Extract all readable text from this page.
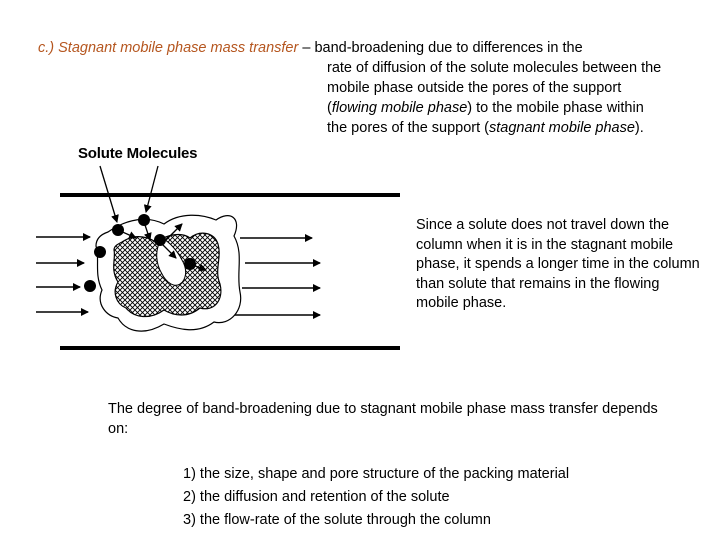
c.) Stagnant mobile phase mass transfer – band-broadening due to differences in the
rate of diffusion of the solute molecules between the
mobile phase outside the pores of the support
(flowing mobile phase) to the mobile phase within
the pores of the support (stagnant mobile phase).
Solute Molecules
Since a solute does not travel down the column when it is in the stagnant mobile phase, it spends a longer time in the column than solute that remains in the flowing mobile phase.
The degree of band-broadening due to stagnant mobile phase mass transfer depends on:
1) the size, shape and pore structure of the packing material
2) the diffusion and retention of the solute
3) the flow-rate of the solute through the column
